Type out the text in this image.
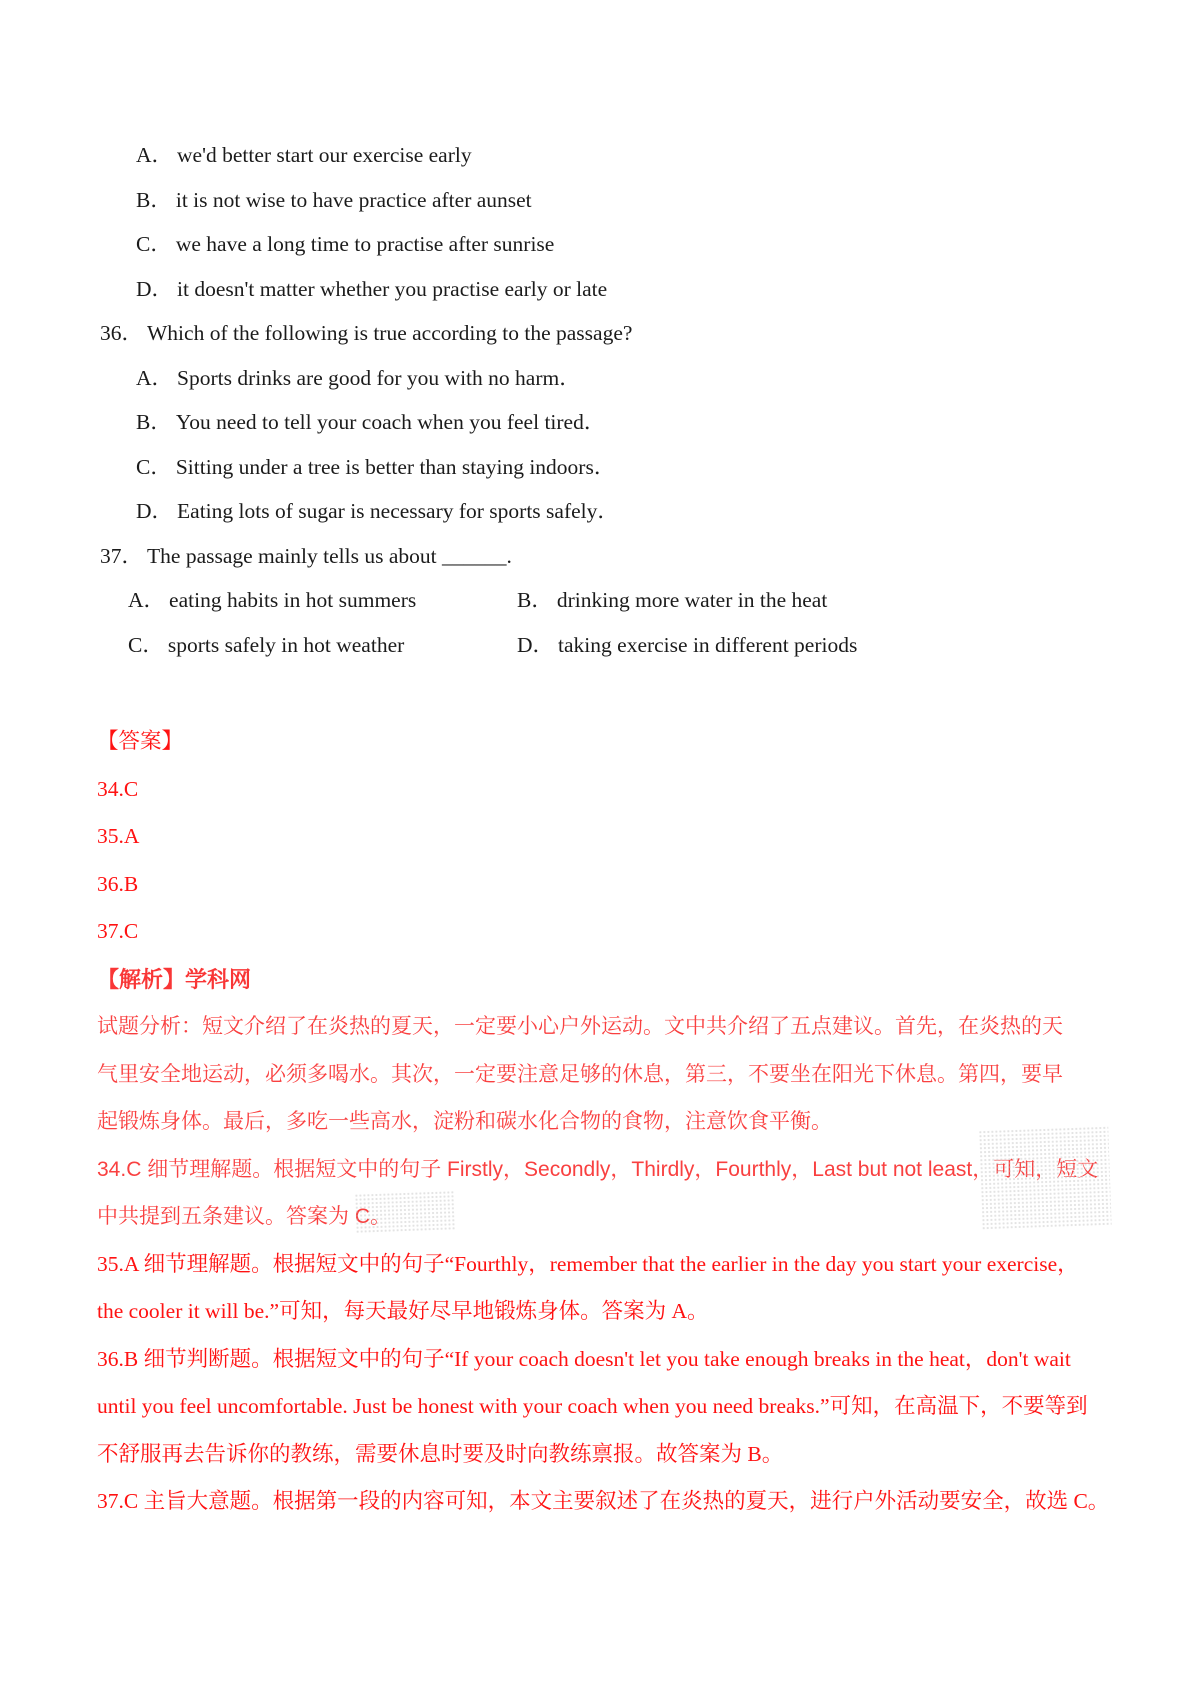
A． we'd better start our exercise early
B． it is not wise to have practice after aunset
C． we have a long time to practise after sunrise
D． it doesn't matter whether you practise early or late
36． Which of the following is true according to the passage?
A． Sports drinks are good for you with no harm．
B． You need to tell your coach when you feel tired．
C． Sitting under a tree is better than staying indoors．
D． Eating lots of sugar is necessary for sports safely．
37． The passage mainly tells us about ______.
A． eating habits in hot summers	B． drinking more water in the heat
C． sports safely in hot weather	D． taking exercise in different periods
【答案】
34.C
35.A
36.B
37.C
【解析】学科网
试题分析：短文介绍了在炎热的夏天，一定要小心户外运动。文中共介绍了五点建议。首先，在炎热的天
气里安全地运动，必须多喝水。其次，一定要注意足够的休息，第三，不要坐在阳光下休息。第四，要早
起锻炼身体。最后，多吃一些高水，淀粉和碳水化合物的食物，注意饮食平衡。
34.C 细节理解题。根据短文中的句子 Firstly，Secondly，Thirdly，Fourthly，Last but not least，可知，短文
中共提到五条建议。答案为 C。
35.A 细节理解题。根据短文中的句子“Fourthly，remember that the earlier in the day you start your exercise，
the cooler it will be.”可知，每天最好尽早地锻炼身体。答案为 A。
36.B 细节判断题。根据短文中的句子“If your coach doesn't let you take enough breaks in the heat，don't wait
until you feel uncomfortable. Just be honest with your coach when you need breaks.”可知，在高温下，不要等到
不舒服再去告诉你的教练，需要休息时要及时向教练禀报。故答案为 B。
37.C 主旨大意题。根据第一段的内容可知，本文主要叙述了在炎热的夏天，进行户外活动要安全，故选 C。
